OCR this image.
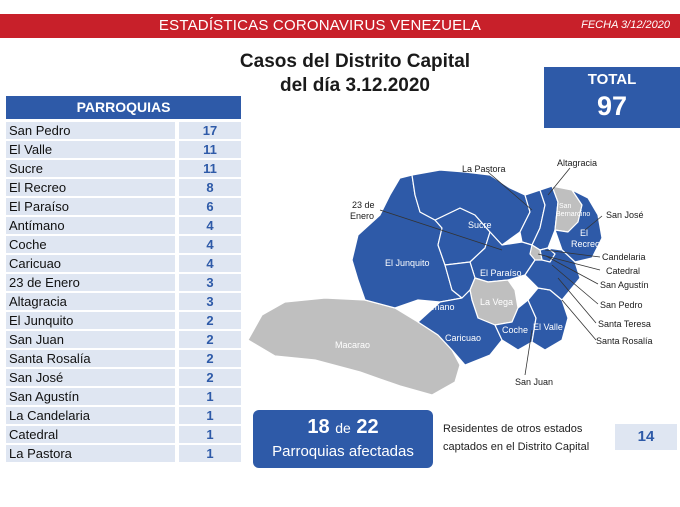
ESTADÍSTICAS CORONAVIRUS VENEZUELA	FECHA 3/12/2020
Casos del Distrito Capital
del día 3.12.2020	TOTAL
97
PARROQUIAS
San Pedro	17
El Valle	11
Sucre	11
El Recreo	8
El Paraíso	6
Antímano	4
Coche	4
Caricuao	4
23 de Enero	3
Altagracia	3
El Junquito	2
San Juan	2
Santa Rosalía	2
San José	2
San Agustín	1
La Candelaria	1
Catedral	1
La Pastora	1
El Junquito
Sucre
El Paraíso
La Vega
Antímano
Macarao
Caricuao
Coche El Valle
San
Bernardino
El
Recreo
La Pastora
Altagracia
23 de
Enero	San José
Candelaria
Catedral
San Agustín
San Pedro
Santa Teresa
Santa Rosalía
San Juan
18 de 22
Parroquias afectadas
Residentes de otros estados captados en el Distrito Capital
14
